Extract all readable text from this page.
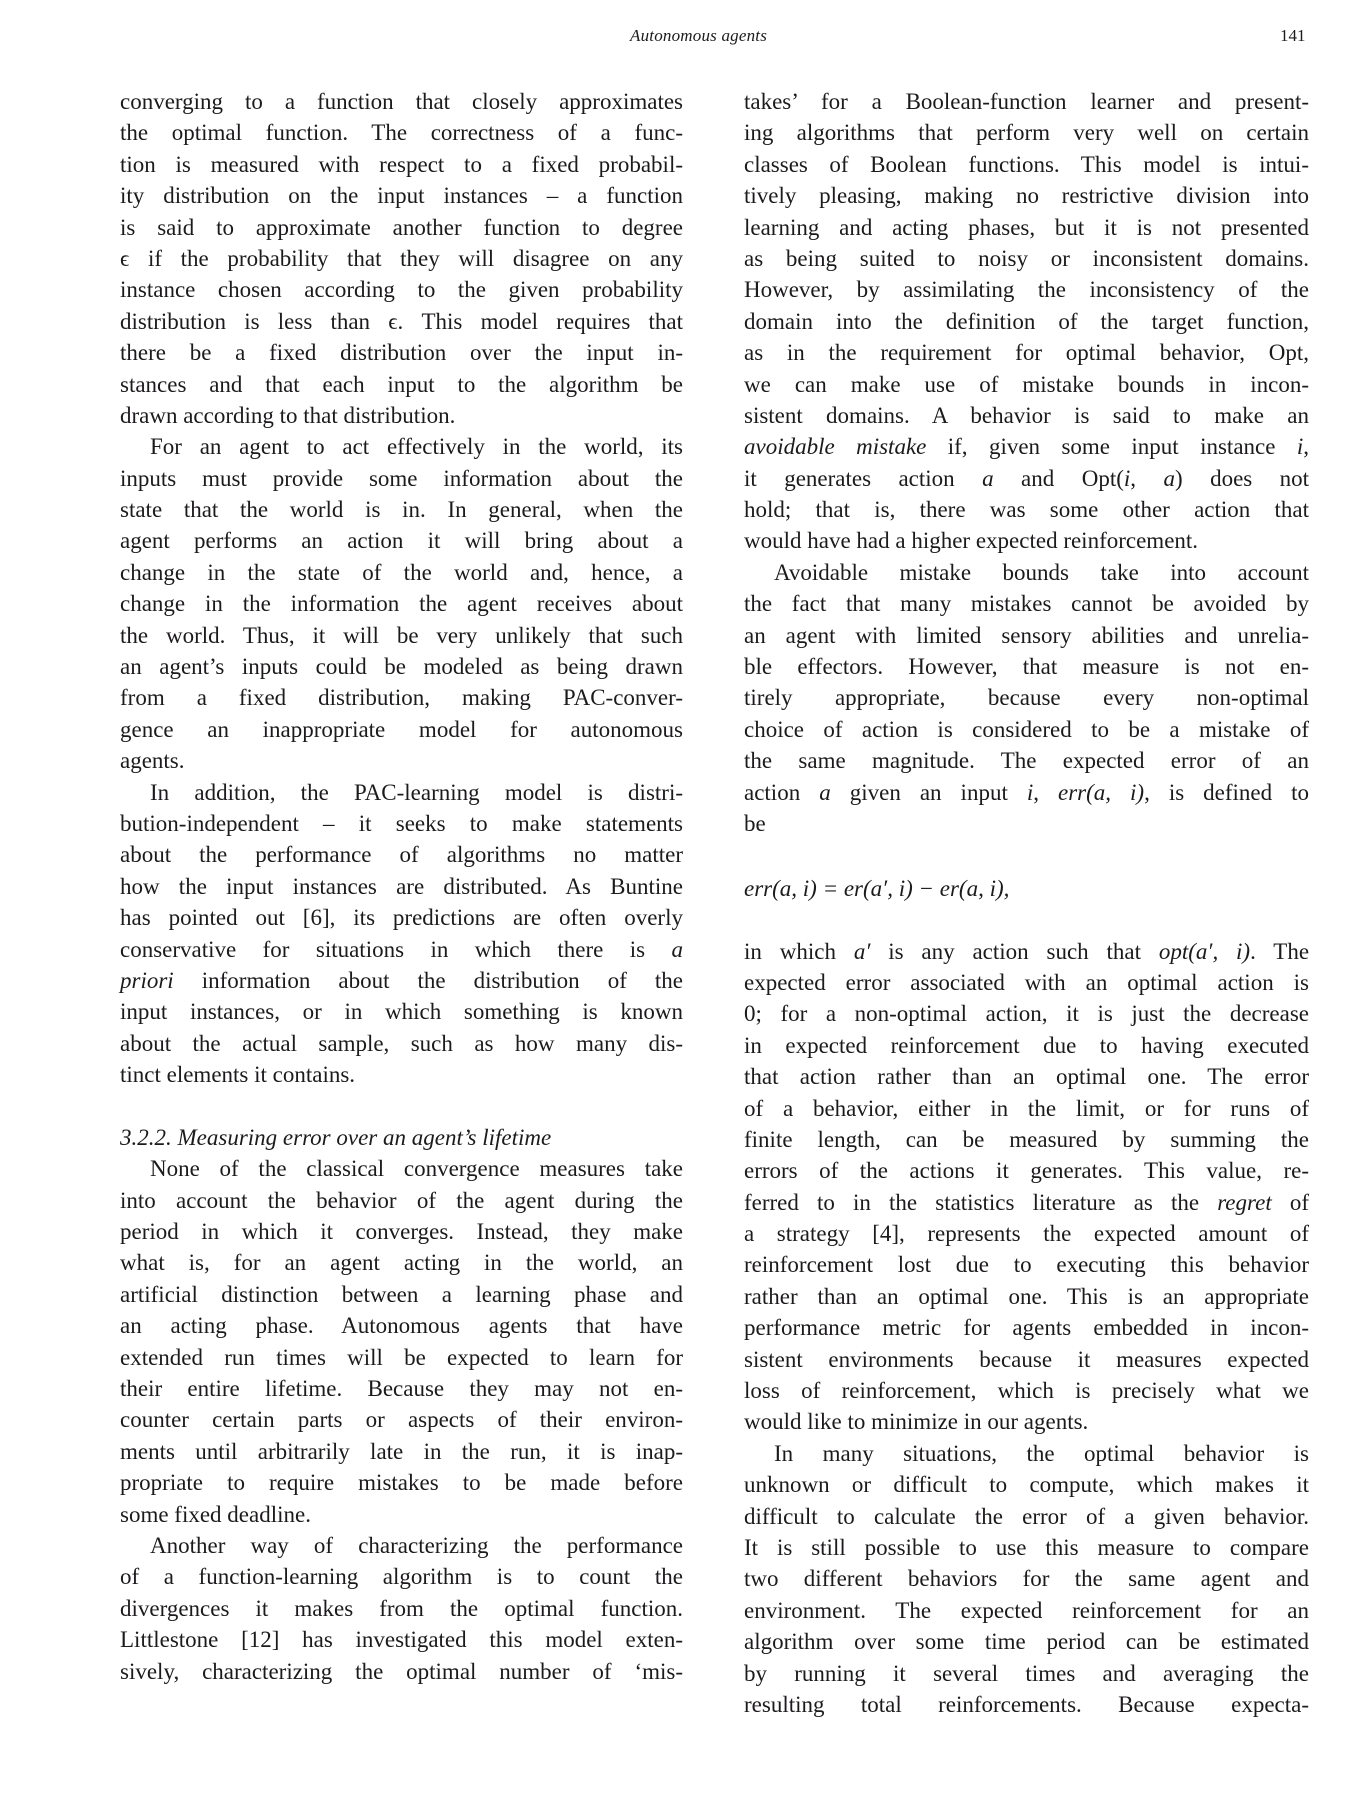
Autonomous agents	141
converging to a function that closely approximates
the optimal function. The correctness of a func-
tion is measured with respect to a fixed probabil-
ity distribution on the input instances – a function
is said to approximate another function to degree
ϵ if the probability that they will disagree on any
instance chosen according to the given probability
distribution is less than ϵ. This model requires that
there be a fixed distribution over the input in-
stances and that each input to the algorithm be
drawn according to that distribution.
For an agent to act effectively in the world, its
inputs must provide some information about the
state that the world is in. In general, when the
agent performs an action it will bring about a
change in the state of the world and, hence, a
change in the information the agent receives about
the world. Thus, it will be very unlikely that such
an agent’s inputs could be modeled as being drawn
from a fixed distribution, making PAC-conver-
gence an inappropriate model for autonomous
agents.
In addition, the PAC-learning model is distri-
bution-independent – it seeks to make statements
about the performance of algorithms no matter
how the input instances are distributed. As Buntine
has pointed out [6], its predictions are often overly
conservative for situations in which there is a
priori information about the distribution of the
input instances, or in which something is known
about the actual sample, such as how many dis-
tinct elements it contains.
3.2.2. Measuring error over an agent’s lifetime
None of the classical convergence measures take
into account the behavior of the agent during the
period in which it converges. Instead, they make
what is, for an agent acting in the world, an
artificial distinction between a learning phase and
an acting phase. Autonomous agents that have
extended run times will be expected to learn for
their entire lifetime. Because they may not en-
counter certain parts or aspects of their environ-
ments until arbitrarily late in the run, it is inap-
propriate to require mistakes to be made before
some fixed deadline.
Another way of characterizing the performance
of a function-learning algorithm is to count the
divergences it makes from the optimal function.
Littlestone [12] has investigated this model exten-
sively, characterizing the optimal number of ‘mis-
takes’ for a Boolean-function learner and present-
ing algorithms that perform very well on certain
classes of Boolean functions. This model is intui-
tively pleasing, making no restrictive division into
learning and acting phases, but it is not presented
as being suited to noisy or inconsistent domains.
However, by assimilating the inconsistency of the
domain into the definition of the target function,
as in the requirement for optimal behavior, Opt,
we can make use of mistake bounds in incon-
sistent domains. A behavior is said to make an
avoidable mistake if, given some input instance i,
it generates action a and Opt(i, a) does not
hold; that is, there was some other action that
would have had a higher expected reinforcement.
Avoidable mistake bounds take into account
the fact that many mistakes cannot be avoided by
an agent with limited sensory abilities and unrelia-
ble effectors. However, that measure is not en-
tirely appropriate, because every non-optimal
choice of action is considered to be a mistake of
the same magnitude. The expected error of an
action a given an input i, err(a, i), is defined to
be
err(a, i) = er(a′, i) − er(a, i),
in which a′ is any action such that opt(a′, i). The
expected error associated with an optimal action is
0; for a non-optimal action, it is just the decrease
in expected reinforcement due to having executed
that action rather than an optimal one. The error
of a behavior, either in the limit, or for runs of
finite length, can be measured by summing the
errors of the actions it generates. This value, re-
ferred to in the statistics literature as the regret of
a strategy [4], represents the expected amount of
reinforcement lost due to executing this behavior
rather than an optimal one. This is an appropriate
performance metric for agents embedded in incon-
sistent environments because it measures expected
loss of reinforcement, which is precisely what we
would like to minimize in our agents.
In many situations, the optimal behavior is
unknown or difficult to compute, which makes it
difficult to calculate the error of a given behavior.
It is still possible to use this measure to compare
two different behaviors for the same agent and
environment. The expected reinforcement for an
algorithm over some time period can be estimated
by running it several times and averaging the
resulting total reinforcements. Because expecta-
